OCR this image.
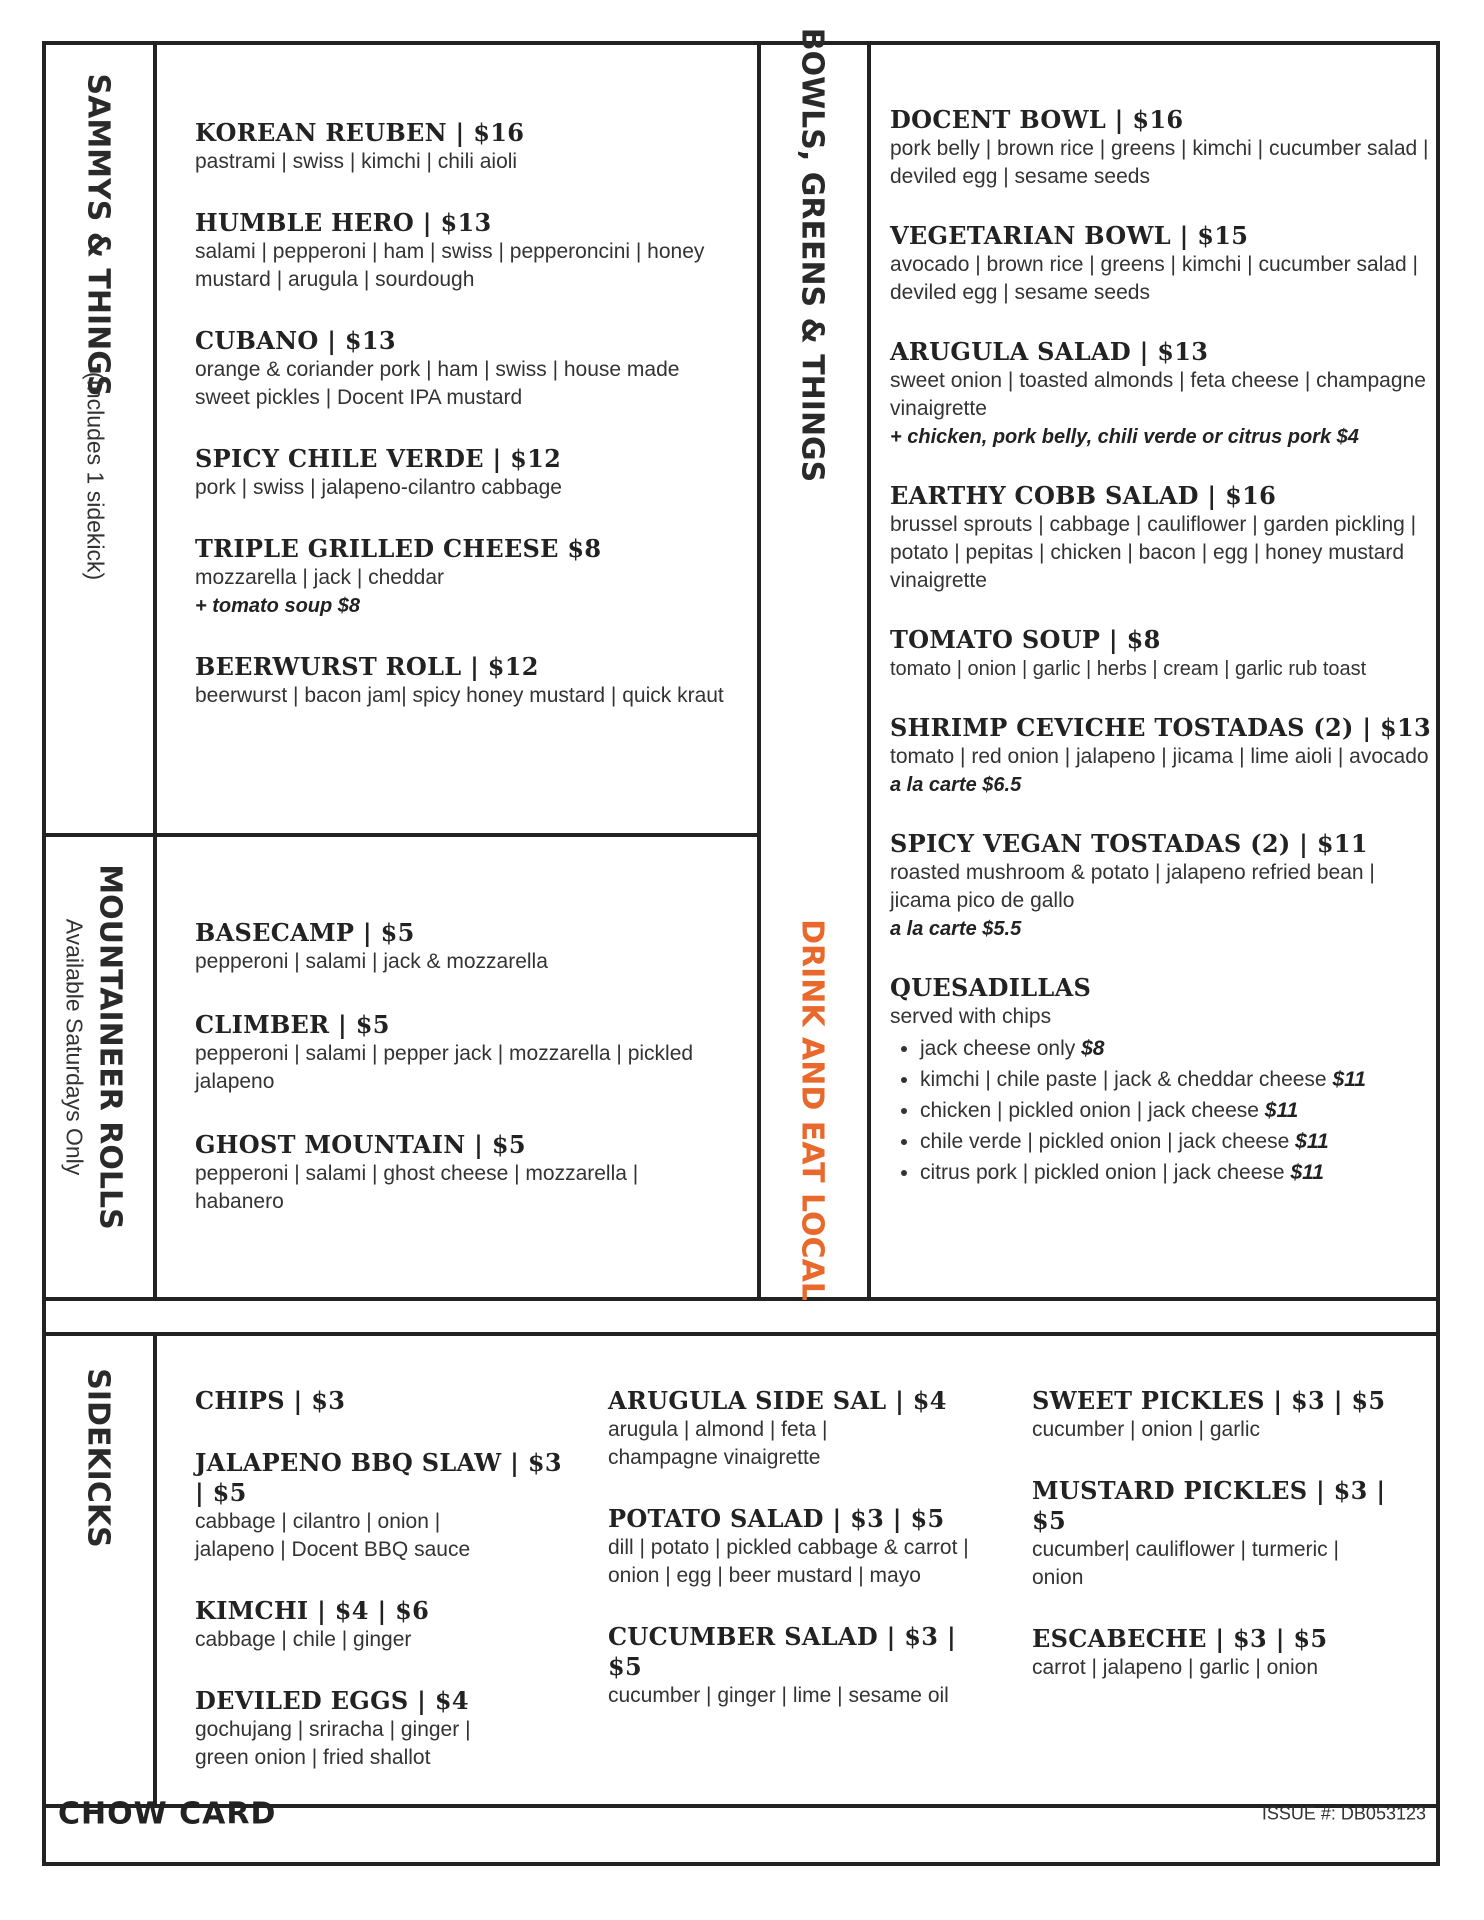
SAMMYS & THINGS
(Includes 1 sidekick)
MOUNTAINEER ROLLS
Available Saturdays Only
BOWLS, GREENS & THINGS
DRINK AND EAT LOCAL
SIDEKICKS
KOREAN REUBEN | $16
pastrami | swiss | kimchi | chili aioli
HUMBLE HERO | $13
salami | pepperoni | ham | swiss | pepperoncini | honey mustard | arugula | sourdough
CUBANO | $13
orange & coriander pork | ham | swiss | house made sweet pickles | Docent IPA mustard
SPICY CHILE VERDE | $12
pork | swiss | jalapeno-cilantro cabbage
TRIPLE GRILLED CHEESE $8
mozzarella | jack | cheddar
+ tomato soup $8
BEERWURST ROLL | $12
beerwurst | bacon jam| spicy honey mustard | quick kraut
BASECAMP | $5
pepperoni | salami | jack & mozzarella
CLIMBER | $5
pepperoni | salami | pepper jack | mozzarella | pickled jalapeno
GHOST MOUNTAIN | $5
pepperoni | salami | ghost cheese | mozzarella | habanero
DOCENT BOWL | $16
pork belly | brown rice | greens | kimchi | cucumber salad | deviled egg | sesame seeds
VEGETARIAN BOWL | $15
avocado | brown rice | greens | kimchi | cucumber salad | deviled egg | sesame seeds
ARUGULA SALAD | $13
sweet onion | toasted almonds | feta cheese | champagne vinaigrette
+ chicken, pork belly, chili verde or citrus pork $4
EARTHY COBB SALAD | $16
brussel sprouts | cabbage | cauliflower | garden pickling | potato | pepitas | chicken | bacon | egg | honey mustard vinaigrette
TOMATO SOUP | $8
tomato | onion | garlic | herbs | cream | garlic rub toast
SHRIMP CEVICHE TOSTADAS (2) | $13
tomato | red onion | jalapeno | jicama | lime aioli | avocado
a la carte $6.5
SPICY VEGAN TOSTADAS (2) | $11
roasted mushroom & potato | jalapeno refried bean | jicama pico de gallo
a la carte $5.5
QUESADILLAS
served with chips
• jack cheese only $8
• kimchi | chile paste | jack & cheddar cheese $11
• chicken | pickled onion | jack cheese $11
• chile verde | pickled onion | jack cheese $11
• citrus pork | pickled onion | jack cheese $11
CHIPS | $3
JALAPENO BBQ SLAW | $3 | $5
cabbage | cilantro | onion | jalapeno | Docent BBQ sauce
KIMCHI | $4 | $6
cabbage | chile | ginger
DEVILED EGGS | $4
gochujang | sriracha | ginger | green onion | fried shallot
ARUGULA SIDE SAL | $4
arugula | almond | feta | champagne vinaigrette
POTATO SALAD | $3 | $5
dill | potato | pickled cabbage & carrot | onion | egg | beer mustard | mayo
CUCUMBER SALAD | $3 | $5
cucumber | ginger | lime | sesame oil
SWEET PICKLES | $3 | $5
cucumber | onion | garlic
MUSTARD PICKLES | $3 | $5
cucumber| cauliflower | turmeric | onion
ESCABECHE | $3 | $5
carrot | jalapeno | garlic | onion
CHOW CARD	ISSUE #: DB053123
